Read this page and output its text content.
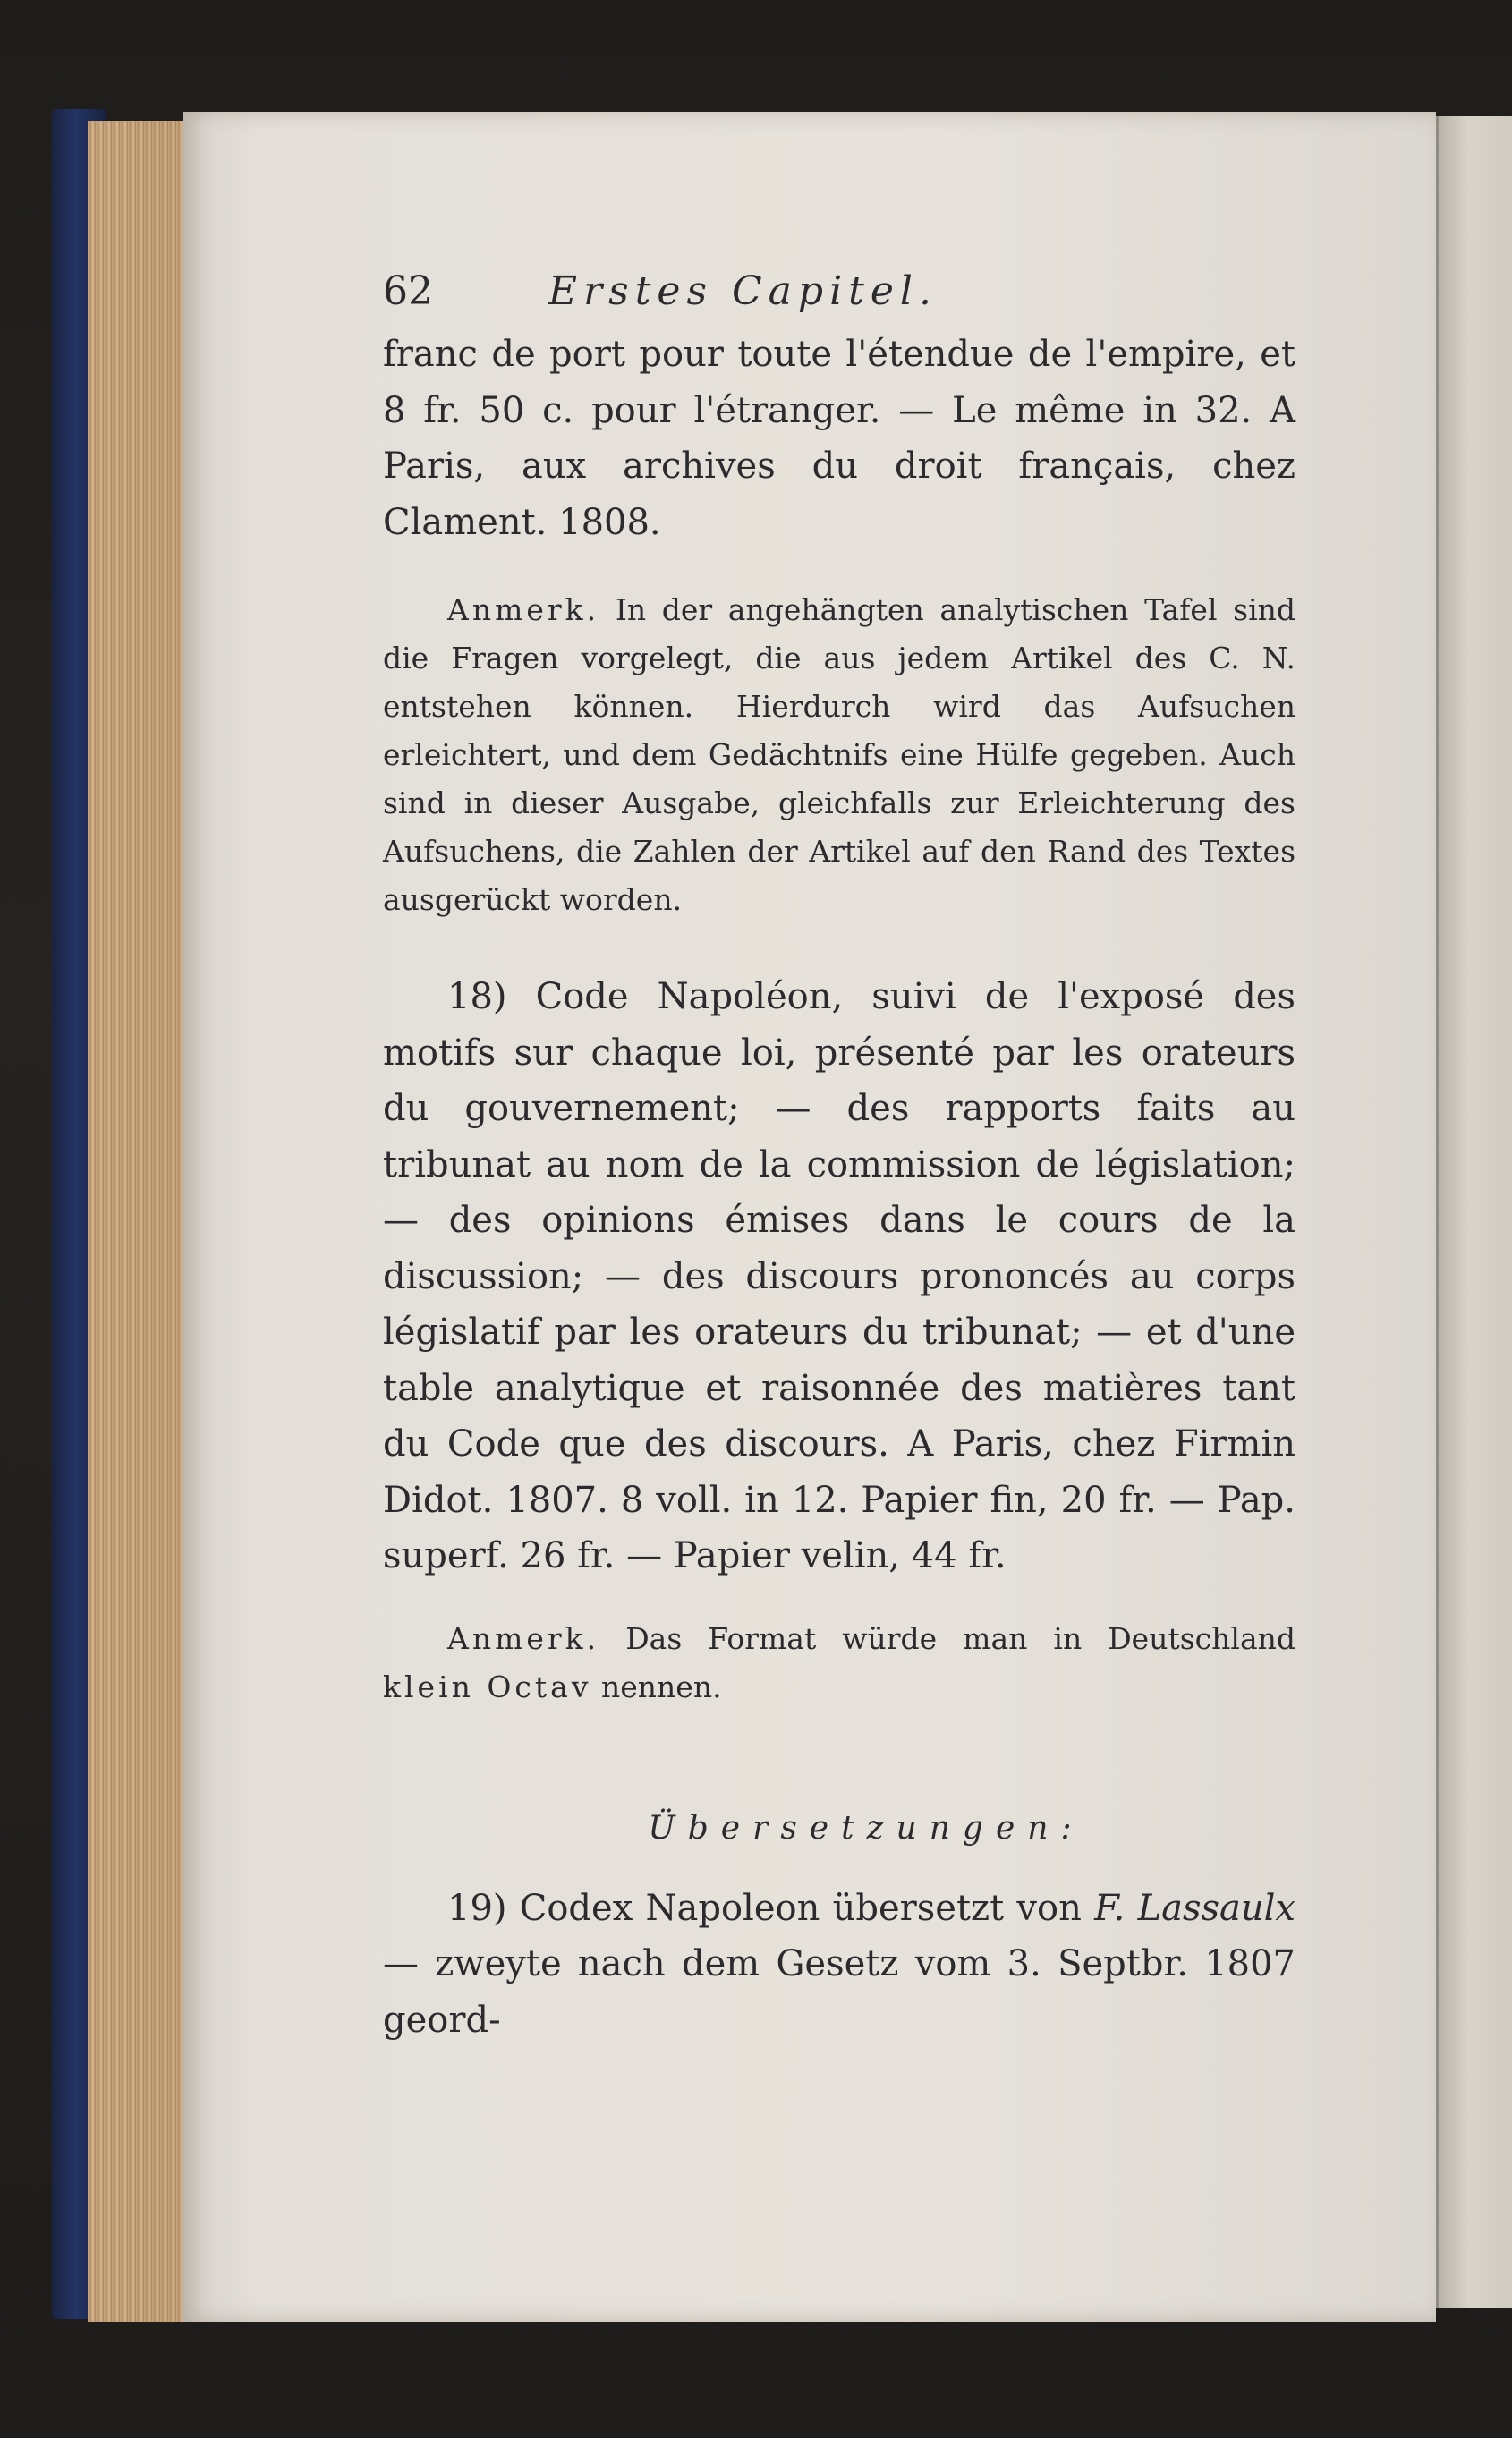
62	Erstes Capitel.

franc de port pour toute l'étendue de l'empire, et 8 fr. 50 c. pour l'étranger. — Le même in 32. A Paris, aux archives du droit français, chez Clament. 1808.

Anmerk. In der angehängten analytischen Tafel sind die Fragen vorgelegt, die aus jedem Artikel des C. N. entstehen können. Hierdurch wird das Aufsuchen erleichtert, und dem Gedächtnifs eine Hülfe gegeben. Auch sind in dieser Ausgabe, gleichfalls zur Erleichterung des Aufsuchens, die Zahlen der Artikel auf den Rand des Textes ausgerückt worden.

18) Code Napoléon, suivi de l'exposé des motifs sur chaque loi, présenté par les orateurs du gouvernement; — des rapports faits au tribunat au nom de la commission de législation; — des opinions émises dans le cours de la discussion; — des discours prononcés au corps législatif par les orateurs du tribunat; — et d'une table analytique et raisonnée des matières tant du Code que des discours. A Paris, chez Firmin Didot. 1807. 8 voll. in 12. Papier fin, 20 fr. — Pap. superf. 26 fr. — Papier velin, 44 fr.

Anmerk. Das Format würde man in Deutschland klein Octav nennen.

Übersetzungen:

19) Codex Napoleon übersetzt von F. Lassaulx — zweyte nach dem Gesetz vom 3. Septbr. 1807 geord-
